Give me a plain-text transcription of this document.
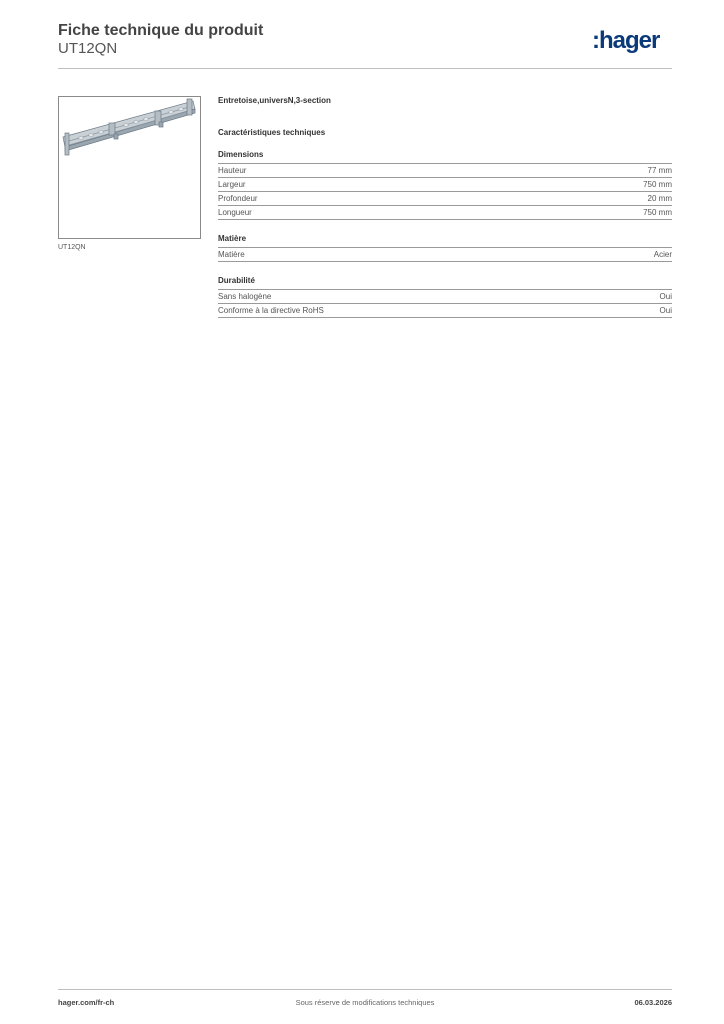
Fiche technique du produit
UT12QN	:hager
UT12QN
Entretoise,universN,3-section
Caractéristiques techniques
Dimensions
Hauteur	77 mm
Largeur	750 mm
Profondeur	20 mm
Longueur	750 mm
Matière
Matière	Acier
Durabilité
Sans halogène	Oui
Conforme à la directive RoHS	Oui
hager.com/fr-ch	Sous réserve de modifications techniques	06.03.2026
